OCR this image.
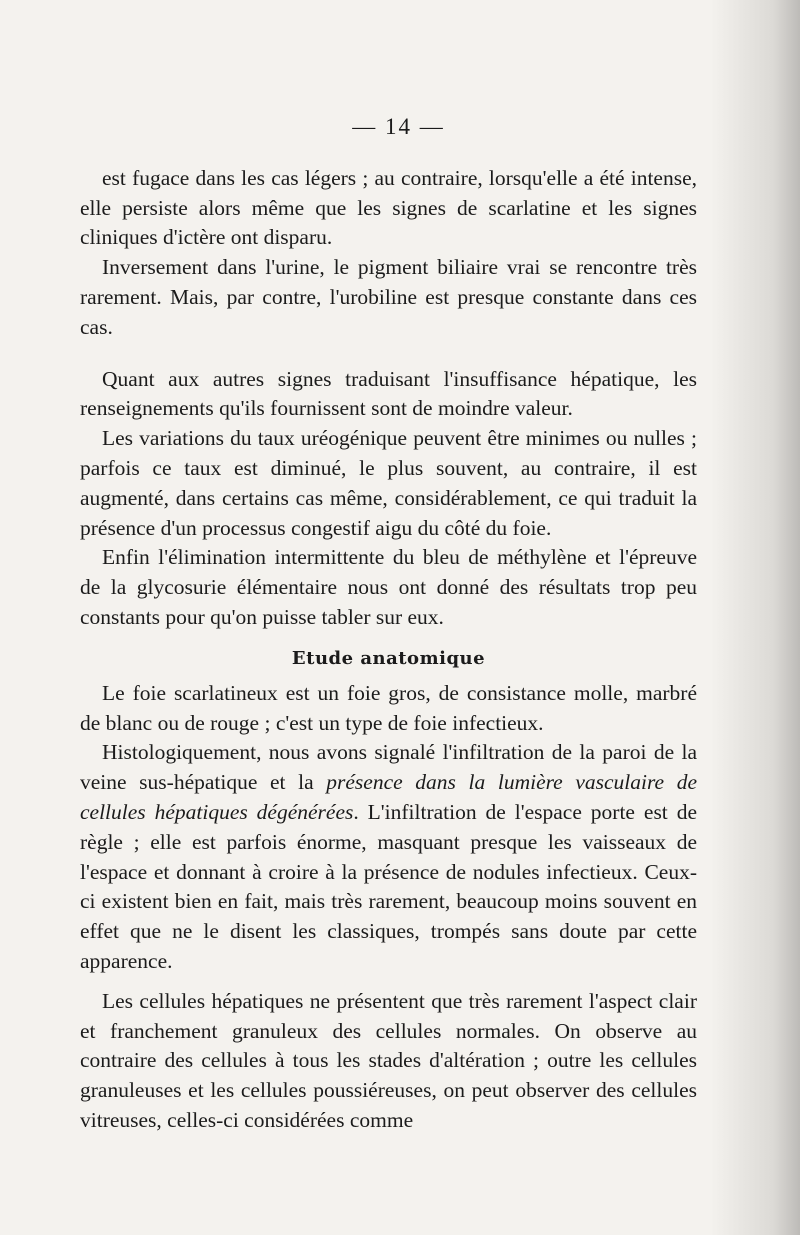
— 14 —

est fugace dans les cas légers ; au contraire, lorsqu'elle a été intense, elle persiste alors même que les signes de scarlatine et les signes cliniques d'ictère ont disparu.

Inversement dans l'urine, le pigment biliaire vrai se rencontre très rarement. Mais, par contre, l'urobiline est presque constante dans ces cas.

Quant aux autres signes traduisant l'insuffisance hépatique, les renseignements qu'ils fournissent sont de moindre valeur.

Les variations du taux uréogénique peuvent être minimes ou nulles ; parfois ce taux est diminué, le plus souvent, au contraire, il est augmenté, dans certains cas même, considérablement, ce qui traduit la présence d'un processus congestif aigu du côté du foie.

Enfin l'élimination intermittente du bleu de méthylène et l'épreuve de la glycosurie élémentaire nous ont donné des résultats trop peu constants pour qu'on puisse tabler sur eux.

Etude anatomique

Le foie scarlatineux est un foie gros, de consistance molle, marbré de blanc ou de rouge ; c'est un type de foie infectieux.

Histologiquement, nous avons signalé l'infiltration de la paroi de la veine sus-hépatique et la présence dans la lumière vasculaire de cellules hépatiques dégénérées. L'infiltration de l'espace porte est de règle ; elle est parfois énorme, masquant presque les vaisseaux de l'espace et donnant à croire à la présence de nodules infectieux. Ceux-ci existent bien en fait, mais très rarement, beaucoup moins souvent en effet que ne le disent les classiques, trompés sans doute par cette apparence.

Les cellules hépatiques ne présentent que très rarement l'aspect clair et franchement granuleux des cellules normales. On observe au contraire des cellules à tous les stades d'altération ; outre les cellules granuleuses et les cellules poussiéreuses, on peut observer des cellules vitreuses, celles-ci considérées comme
